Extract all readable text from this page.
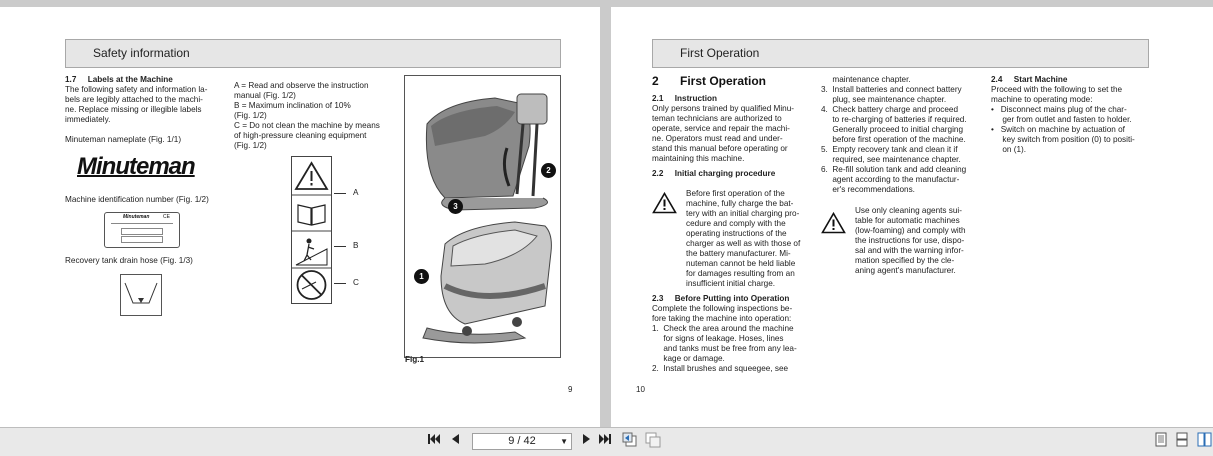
Safety information
1.7     Labels at the Machine
The following safety and information la-
bels are legibly attached to the machi-
ne. Replace missing or illegible labels
immediately.
Minuteman nameplate (Fig. 1/1)
Minuteman
Machine identification number (Fig. 1/2)
Minuteman	CE
Recovery tank drain hose (Fig. 1/3)
A = Read and observe the instruction
manual (Fig. 1/2)
B = Maximum inclination of 10%
(Fig. 1/2)
C = Do not clean the machine by means
of high-pressure cleaning equipment
(Fig. 1/2)
A
B
C
2
3
1
Fig.1
9
First Operation
2 First Operation
2.1     Instruction
Only persons trained by qualified Minu-
teman technicians are authorized to
operate, service and repair the machi-
ne. Operators must read and under-
stand this manual before operating or
maintaining this machine.
2.2     Initial charging procedure
Before first operation of the
machine, fully charge the bat-
tery with an initial charging pro-
cedure and comply with the
operating instructions of the
charger as well as with those of
the battery manufacturer. Mi-
nuteman cannot be held liable
for damages resulting from an
insufficient initial charge.
2.3     Before Putting into Operation
Complete the following inspections be-
fore taking the machine into operation:
1.  Check the area around the machine
for signs of leakage. Hoses, lines
and tanks must be free from any lea-
kage or damage.
2.  Install brushes and squeegee, see
maintenance chapter.
3.  Install batteries and connect battery
plug, see maintenance chapter.
4.  Check battery charge and proceed
to re-charging of batteries if required.
Generally proceed to initial charging
before first operation of the machine.
5.  Empty recovery tank and clean it if
required, see maintenance chapter.
6.  Re-fill solution tank and add cleaning
agent according to the manufactur-
er's recommendations.
Use only cleaning agents sui-
table for automatic machines
(low-foaming) and comply with
the instructions for use, dispo-
sal and with the warning infor-
mation specified by the cle-
aning agent's manufacturer.
2.4     Start Machine
Proceed with the following to set the
machine to operating mode:
•   Disconnect mains plug of the char-
ger from outlet and fasten to holder.
•   Switch on machine by actuation of
key switch from position (0) to positi-
on (1).
10
9 / 42	▼
